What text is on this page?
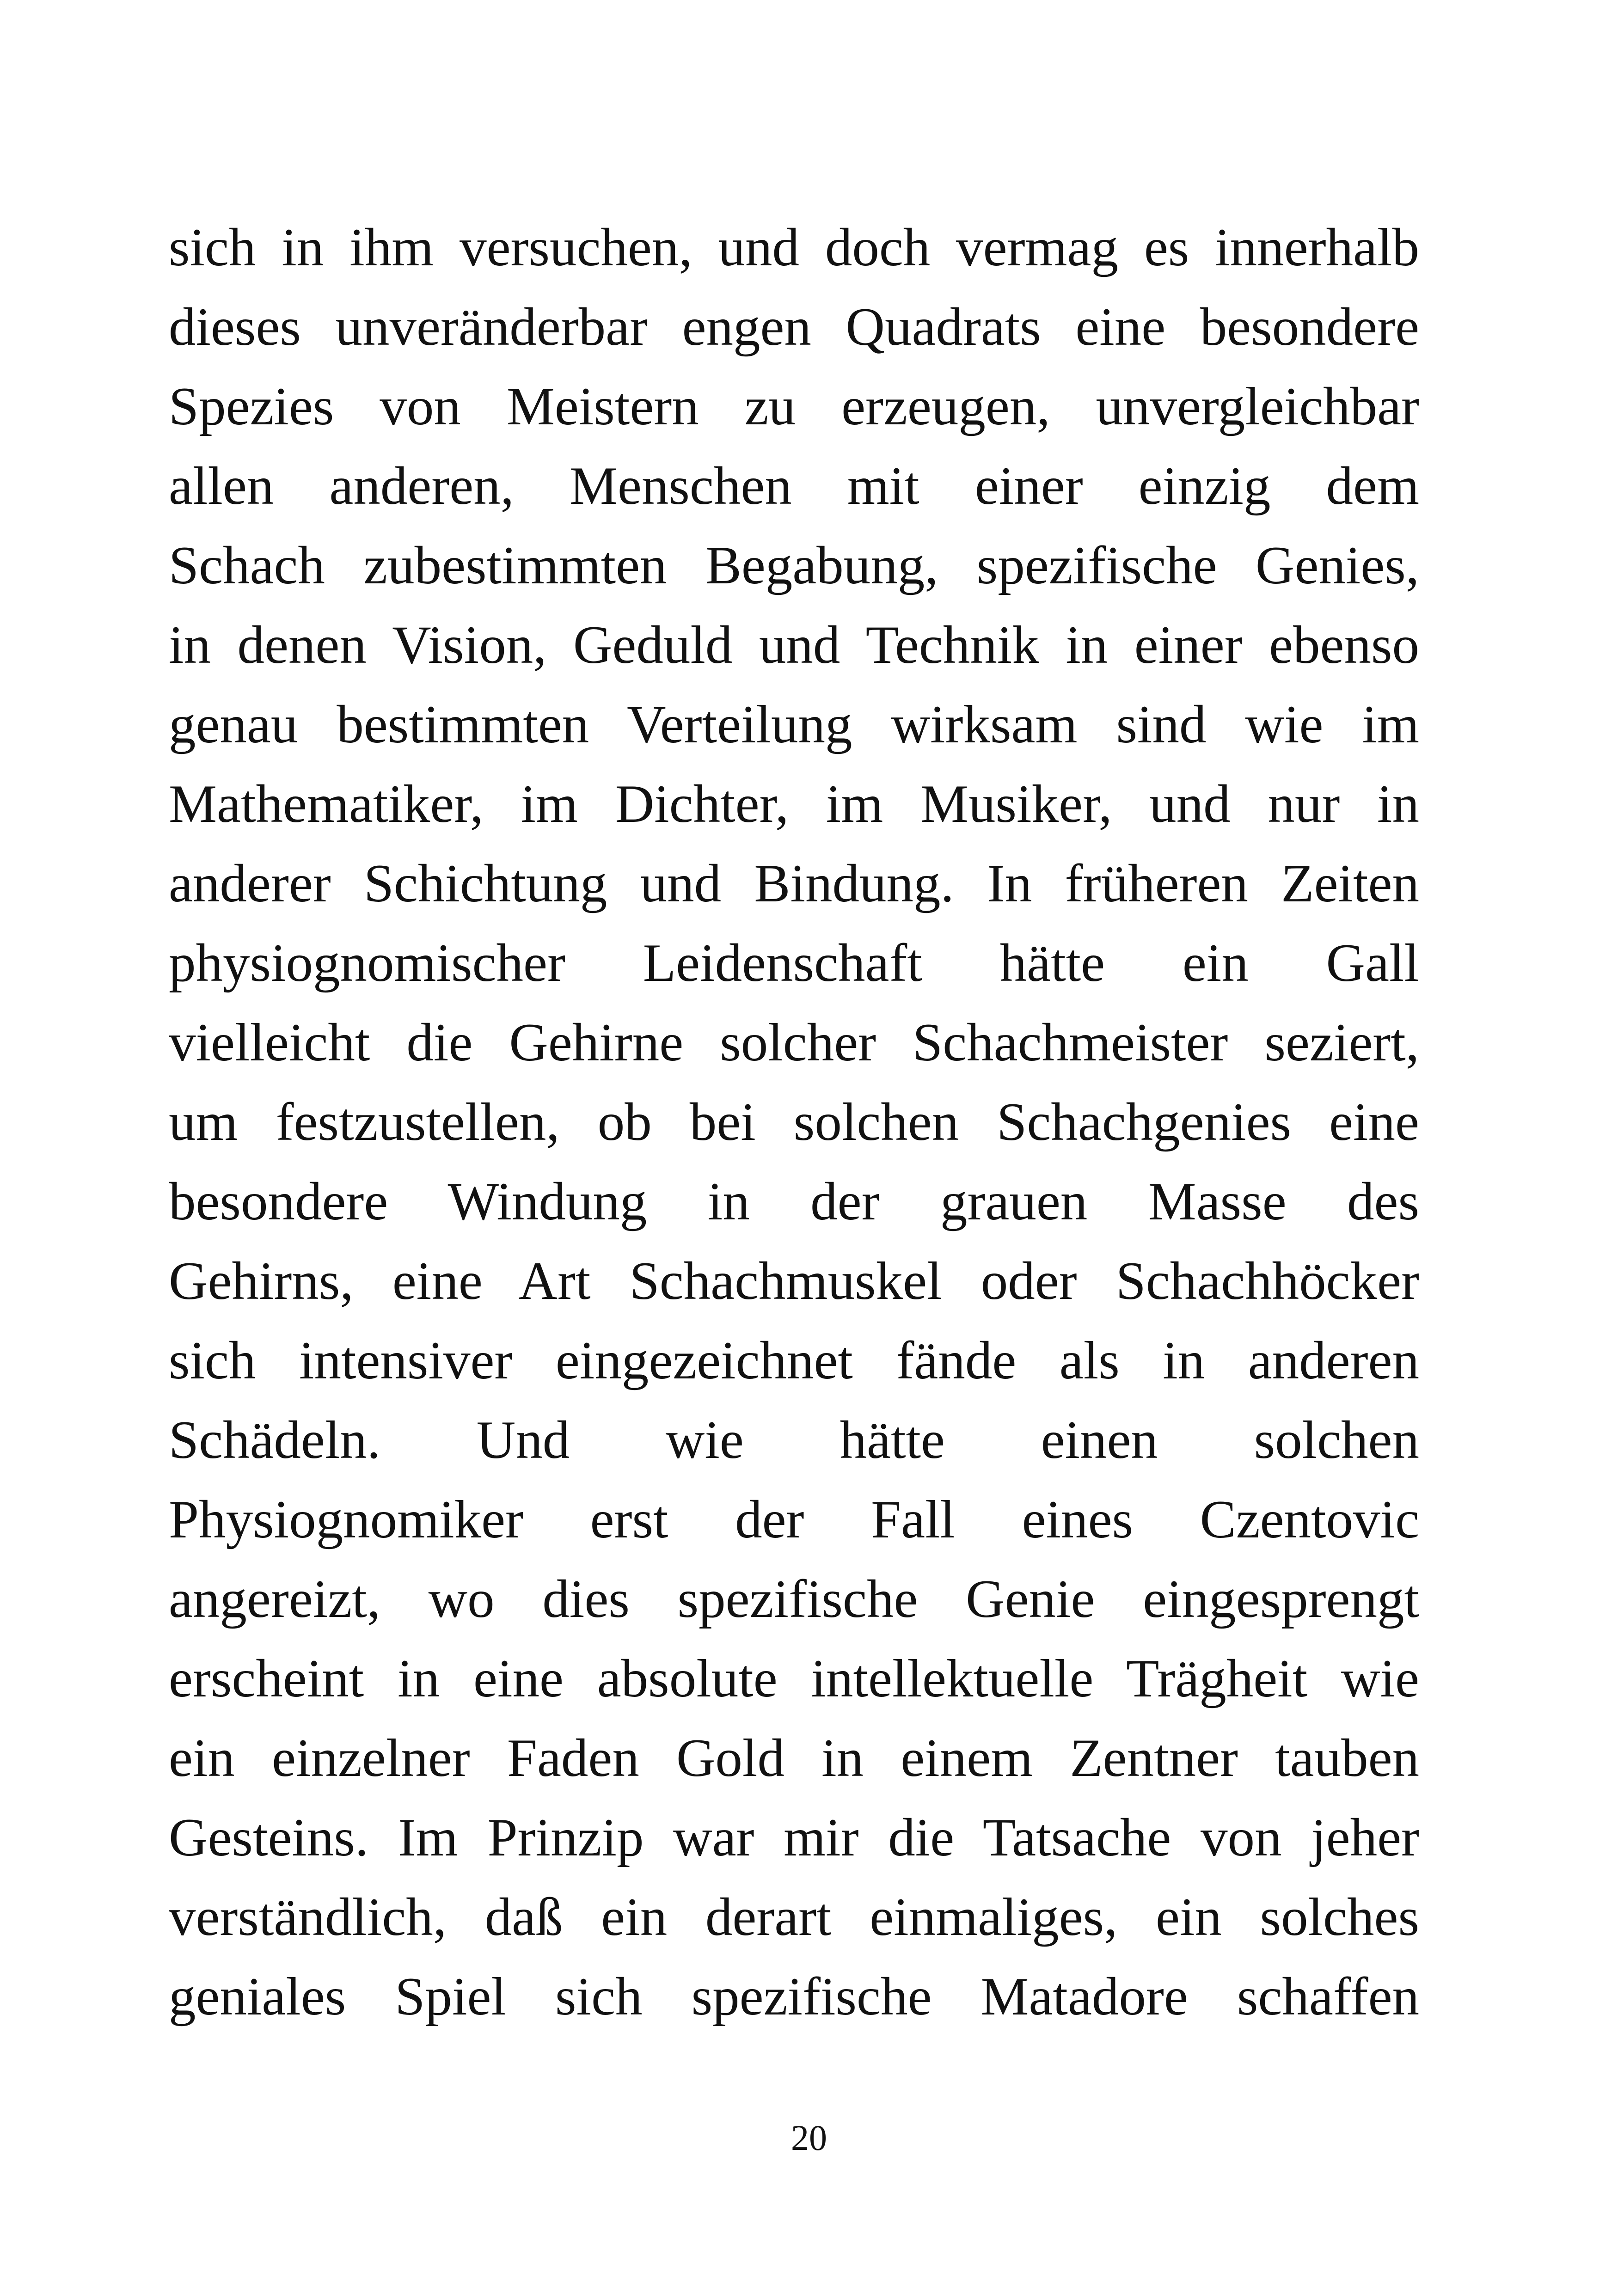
sich in ihm versuchen, und doch vermag es innerhalb
dieses unveränderbar engen Quadrats eine besondere
Spezies von Meistern zu erzeugen, unvergleichbar
allen anderen, Menschen mit einer einzig dem
Schach zubestimmten Begabung, spezifische Genies,
in denen Vision, Geduld und Technik in einer ebenso
genau bestimmten Verteilung wirksam sind wie im
Mathematiker, im Dichter, im Musiker, und nur in
anderer Schichtung und Bindung. In früheren Zeiten
physiognomischer Leidenschaft hätte ein Gall
vielleicht die Gehirne solcher Schachmeister seziert,
um festzustellen, ob bei solchen Schachgenies eine
besondere Windung in der grauen Masse des
Gehirns, eine Art Schachmuskel oder Schachhöcker
sich intensiver eingezeichnet fände als in anderen
Schädeln. Und wie hätte einen solchen
Physiognomiker erst der Fall eines Czentovic
angereizt, wo dies spezifische Genie eingesprengt
erscheint in eine absolute intellektuelle Trägheit wie
ein einzelner Faden Gold in einem Zentner tauben
Gesteins. Im Prinzip war mir die Tatsache von jeher
verständlich, daß ein derart einmaliges, ein solches
geniales Spiel sich spezifische Matadore schaffen
20
